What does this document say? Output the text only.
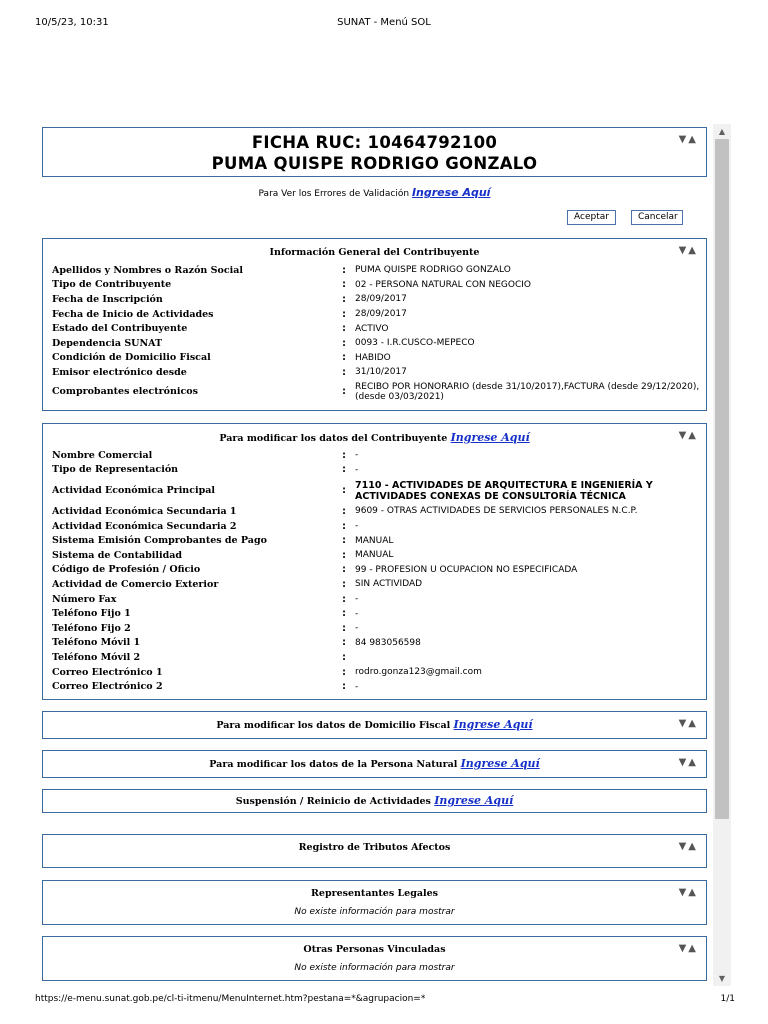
10/5/23, 10:31	SUNAT - Menú SOL
FICHA RUC: 10464792100
PUMA QUISPE RODRIGO GONZALO
▼▲
Para Ver los Errores de Validación Ingrese Aquí
Aceptar	Cancelar
Información General del Contribuyente	▼▲
Apellidos y Nombres o Razón Social	:	PUMA QUISPE RODRIGO GONZALO
Tipo de Contribuyente	:	02 - PERSONA NATURAL CON NEGOCIO
Fecha de Inscripción	:	28/09/2017
Fecha de Inicio de Actividades	:	28/09/2017
Estado del Contribuyente	:	ACTIVO
Dependencia SUNAT	:	0093 - I.R.CUSCO-MEPECO
Condición de Domicilio Fiscal	:	HABIDO
Emisor electrónico desde	:	31/10/2017
Comprobantes electrónicos	:	RECIBO POR HONORARIO (desde 31/10/2017),FACTURA (desde 29/12/2020), (desde 03/03/2021)
Para modificar los datos del Contribuyente Ingrese Aquí	▼▲
Nombre Comercial	:	-
Tipo de Representación	:	-
Actividad Económica Principal	:	7110 - ACTIVIDADES DE ARQUITECTURA E INGENIERÍA Y ACTIVIDADES CONEXAS DE CONSULTORÍA TÉCNICA
Actividad Económica Secundaria 1	:	9609 - OTRAS ACTIVIDADES DE SERVICIOS PERSONALES N.C.P.
Actividad Económica Secundaria 2	:	-
Sistema Emisión Comprobantes de Pago	:	MANUAL
Sistema de Contabilidad	:	MANUAL
Código de Profesión / Oficio	:	99 - PROFESION U OCUPACION NO ESPECIFICADA
Actividad de Comercio Exterior	:	SIN ACTIVIDAD
Número Fax	:	-
Teléfono Fijo 1	:	-
Teléfono Fijo 2	:	-
Teléfono Móvil 1	:	84 983056598
Teléfono Móvil 2	:	
Correo Electrónico 1	:	rodro.gonza123@gmail.com
Correo Electrónico 2	:	-
Para modificar los datos de Domicilio Fiscal Ingrese Aquí	▼▲
Para modificar los datos de la Persona Natural Ingrese Aquí	▼▲
Suspensión / Reinicio de Actividades Ingrese Aquí
Registro de Tributos Afectos	▼▲
Representantes Legales
No existe información para mostrar
▼▲
Otras Personas Vinculadas
No existe información para mostrar
▼▲
▲
▼
https://e-menu.sunat.gob.pe/cl-ti-itmenu/MenuInternet.htm?pestana=*&agrupacion=*	1/1
